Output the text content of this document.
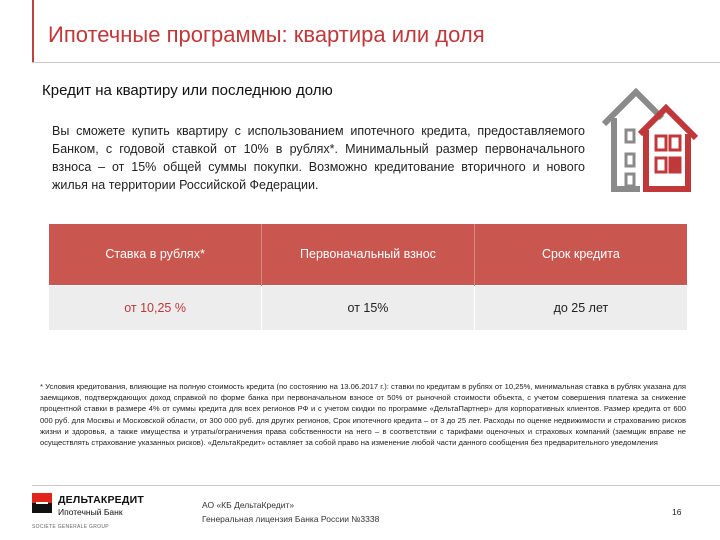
Ипотечные программы: квартира или доля
Кредит на квартиру или последнюю долю
Вы сможете купить квартиру с использованием ипотечного кредита, предоставляемого Банком, с годовой ставкой от 10% в рублях*. Минимальный размер первоначального взноса – от 15% общей суммы покупки. Возможно кредитование вторичного и нового жилья на территории Российской Федерации.
Ставка в рублях*	Первоначальный взнос	Срок кредита
от 10,25 %	от 15%	до 25 лет
* Условия кредитования, влияющие на полную стоимость кредита (по состоянию на 13.06.2017 г.): ставки по кредитам в рублях от 10,25%, минимальная ставка в рублях указана для заемщиков, подтверждающих доход справкой по форме банка при первоначальном взносе от 50% от рыночной стоимости объекта, с учетом совершения платежа за снижение процентной ставки в размере 4% от суммы кредита для всех регионов РФ и с учетом скидки по программе «ДельтаПартнер» для корпоративных клиентов. Размер кредита от 600 000 руб. для Москвы и Московской области, от 300 000 руб. для других регионов, Срок ипотечного кредита – от 3 до 25 лет. Расходы по оценке недвижимости и страхованию рисков жизни и здоровья, а также имущества и утраты/ограничения права собственности на него – в соответствии с тарифами оценочных и страховых компаний (заемщик вправе не осуществлять страхование указанных рисков). «ДельтаКредит» оставляет за собой право на изменение любой части данного сообщения без предварительного уведомления
ДЕЛЬТАКРЕДИТ
Ипотечный Банк
SOCIETE GENERALE GROUP
АО «КБ ДельтаКредит»
Генеральная лицензия Банка России №3338
16
